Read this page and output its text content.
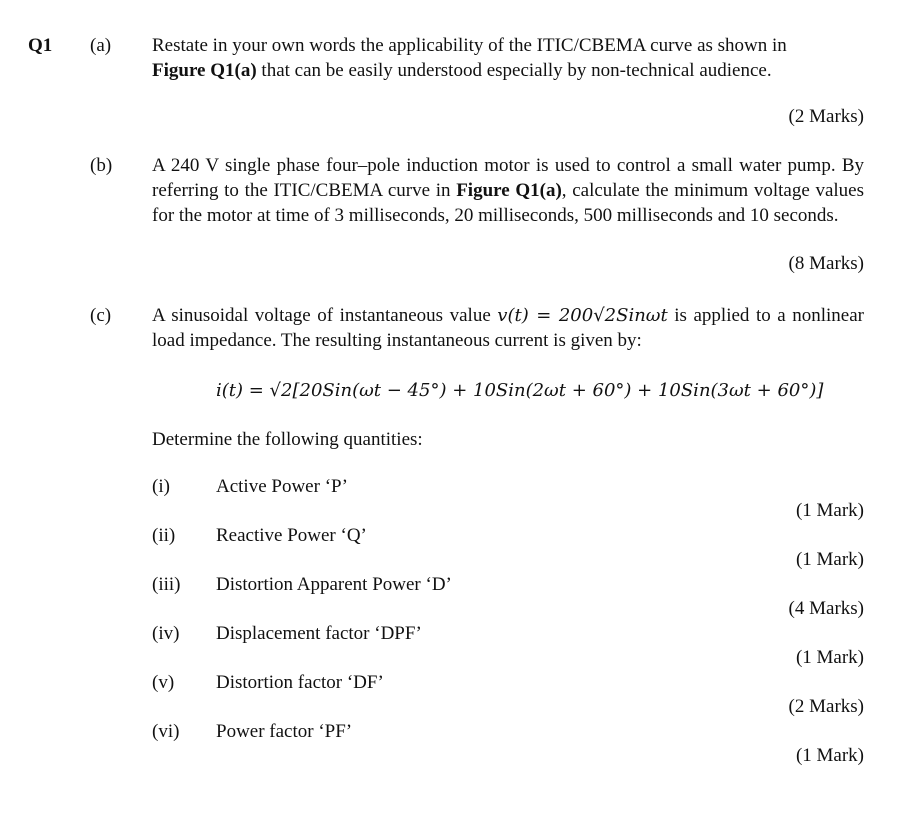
Q1 (a) Restate in your own words the applicability of the ITIC/CBEMA curve as shown in
Figure Q1(a) that can be easily understood especially by non-technical audience.
(2 Marks)
(b) A 240 V single phase four–pole induction motor is used to control a small water pump. By referring to the ITIC/CBEMA curve in Figure Q1(a), calculate the minimum voltage values for the motor at time of 3 milliseconds, 20 milliseconds, 500 milliseconds and 10 seconds.
(8 Marks)
(c) A sinusoidal voltage of instantaneous value v(t) = 200√2Sinωt is applied to a nonlinear load impedance. The resulting instantaneous current is given by:
i(t) = √2[20Sin(ωt − 45°) + 10Sin(2ωt + 60°) + 10Sin(3ωt + 60°)]
Determine the following quantities:
(i) Active Power ‘P’
(1 Mark)
(ii) Reactive Power ‘Q’
(1 Mark)
(iii) Distortion Apparent Power ‘D’
(4 Marks)
(iv) Displacement factor ‘DPF’
(1 Mark)
(v) Distortion factor ‘DF’
(2 Marks)
(vi) Power factor ‘PF’
(1 Mark)
